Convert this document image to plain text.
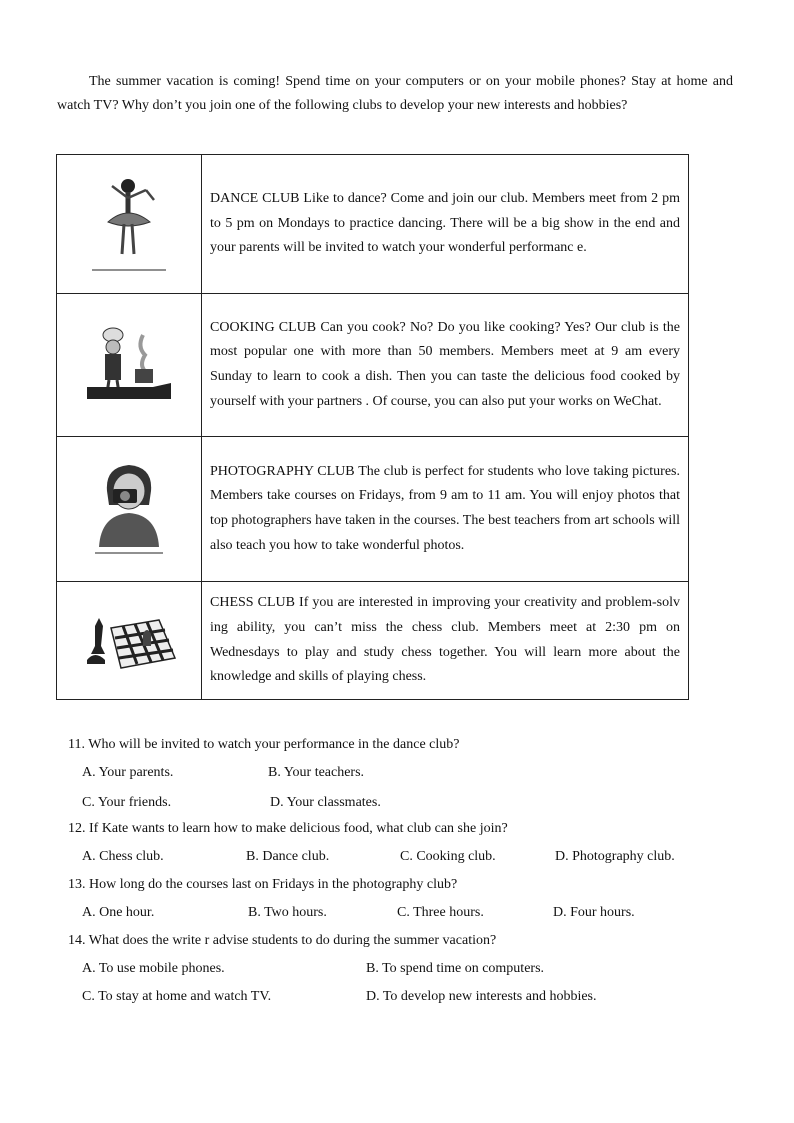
The summer vacation is coming! Spend time on your computers or on your mobile phones? Stay at home and watch TV? Why don’t you join one of the following clubs to develop your new interests and hobbies?

	DANCE CLUB Like to dance? Come and join our club. Members meet from 2 pm to 5 pm on Mondays to practice dancing. There will be a big show in the end and your parents will be invited to watch your wonderful performanc e.

	COOKING CLUB Can you cook? No? Do you like cooking? Yes? Our club is the most popular one with more than 50 members. Members meet at 9 am every Sunday to learn to cook a dish. Then you can taste the delicious food cooked by yourself with your partners . Of course, you can also put your works on WeChat.

	PHOTOGRAPHY CLUB The club is perfect for students who love taking pictures. Members take courses on Fridays, from 9 am to 11 am. You will enjoy photos that top photographers have taken in the courses. The best teachers from art schools will also teach you how to take wonderful photos.

	CHESS CLUB If you are interested in improving your creativity and problem-solv ing ability, you can’t miss the chess club. Members meet at 2:30 pm on Wednesdays to play and study chess together. You will learn more about the knowledge and skills of playing chess.

11. Who will be invited to watch your performance in the dance club?

A. Your parents.	B. Your teachers.
C. Your friends.	D. Your classmates.

12. If Kate wants to learn how to make delicious food, what club can she join?

A. Chess club.	B. Dance club.	C. Cooking club.	D. Photography club.

13. How long do the courses last on Fridays in the photography club?

A. One hour.	B. Two hours.	C. Three hours.	D. Four hours.

14. What does the write r advise students to do during the summer vacation?

A. To use mobile phones.	B. To spend time on computers.
C. To stay at home and watch TV.	D. To develop new interests and hobbies.
